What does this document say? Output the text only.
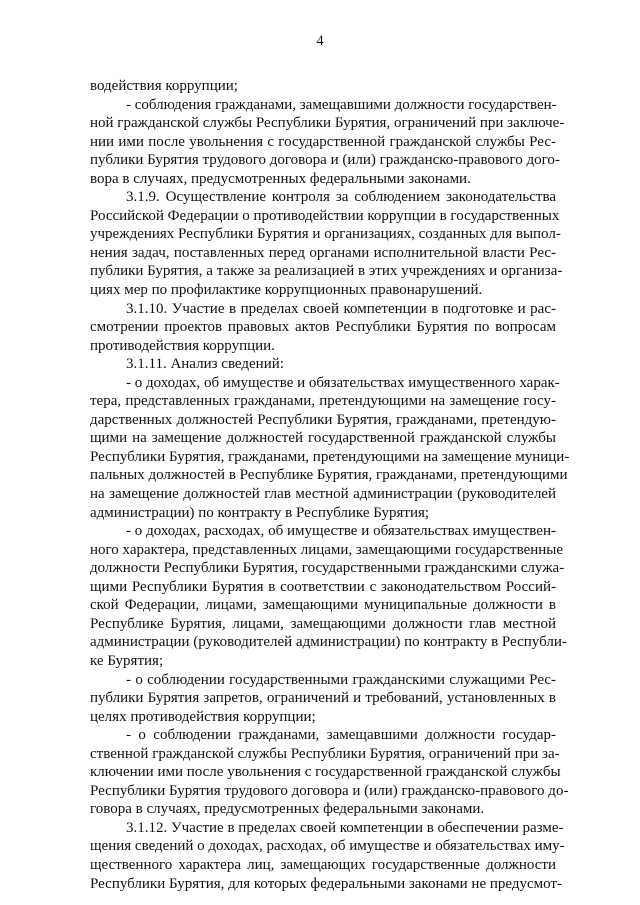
4
водействия коррупции;
- соблюдения гражданами, замещавшими должности государствен-
ной гражданской службы Республики Бурятия, ограничений при заключе-
нии ими после увольнения с государственной гражданской службы Рес-
публики Бурятия трудового договора и (или) гражданско-правового дого-
вора в случаях, предусмотренных федеральными законами.
3.1.9. Осуществление контроля за соблюдением законодательства
Российской Федерации о противодействии коррупции в государственных
учреждениях Республики Бурятия и организациях, созданных для выпол-
нения задач, поставленных перед органами исполнительной власти Рес-
публики Бурятия, а также за реализацией в этих учреждениях и организа-
циях мер по профилактике коррупционных правонарушений.
3.1.10. Участие в пределах своей компетенции в подготовке и рас-
смотрении проектов правовых актов Республики Бурятия по вопросам
противодействия коррупции.
3.1.11. Анализ сведений:
- о доходах, об имуществе и обязательствах имущественного харак-
тера, представленных гражданами, претендующими на замещение госу-
дарственных должностей Республики Бурятия, гражданами, претендую-
щими на замещение должностей государственной гражданской службы
Республики Бурятия, гражданами, претендующими на замещение муници-
пальных должностей в Республике Бурятия, гражданами, претендующими
на замещение должностей глав местной администрации (руководителей
администрации) по контракту в Республике Бурятия;
- о доходах, расходах, об имуществе и обязательствах имуществен-
ного характера, представленных лицами, замещающими государственные
должности Республики Бурятия, государственными гражданскими служа-
щими Республики Бурятия в соответствии с законодательством Россий-
ской Федерации, лицами, замещающими муниципальные должности в
Республике Бурятия, лицами, замещающими должности глав местной
администрации (руководителей администрации) по контракту в Республи-
ке Бурятия;
- о соблюдении государственными гражданскими служащими Рес-
публики Бурятия запретов, ограничений и требований, установленных в
целях противодействия коррупции;
- о соблюдении гражданами, замещавшими должности государ-
ственной гражданской службы Республики Бурятия, ограничений при за-
ключении ими после увольнения с государственной гражданской службы
Республики Бурятия трудового договора и (или) гражданско-правового до-
говора в случаях, предусмотренных федеральными законами.
3.1.12. Участие в пределах своей компетенции в обеспечении разме-
щения сведений о доходах, расходах, об имуществе и обязательствах иму-
щественного характера лиц, замещающих государственные должности
Республики Бурятия, для которых федеральными законами не предусмот-
